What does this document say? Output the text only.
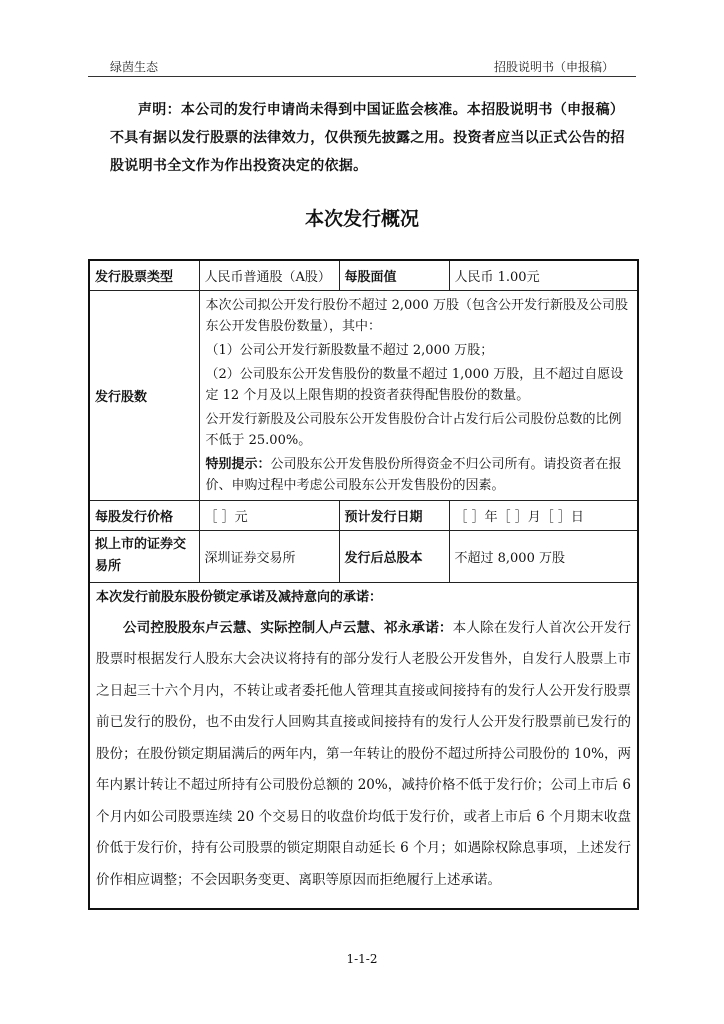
绿茵生态	招股说明书（申报稿）

声明：本公司的发行申请尚未得到中国证监会核准。本招股说明书（申报稿）不具有据以发行股票的法律效力，仅供预先披露之用。投资者应当以正式公告的招股说明书全文作为作出投资决定的依据。

本次发行概况
发行股票类型	人民币普通股（A股）	每股面值	人民币 1.00元
发行股数	本次公司拟公开发行股份不超过 2,000 万股（包含公开发行新股及公司股东公开发售股份数量），其中：

（1）公司公开发行新股数量不超过 2,000 万股；

（2）公司股东公开发售股份的数量不超过 1,000 万股，且不超过自愿设定 12 个月及以上限售期的投资者获得配售股份的数量。

公开发行新股及公司股东公开发售股份合计占发行后公司股份总数的比例不低于 25.00%。

特别提示：公司股东公开发售股份所得资金不归公司所有。请投资者在报价、申购过程中考虑公司股东公开发售股份的因素。		

每股发行价格	［ ］元	预计发行日期	［ ］年［ ］月［ ］日
拟上市的证券交易所	深圳证券交易所	发行后总股本	不超过 8,000 万股

本次发行前股东股份锁定承诺及减持意向的承诺：

公司控股股东卢云慧、实际控制人卢云慧、祁永承诺：本人除在发行人首次公开发行股票时根据发行人股东大会决议将持有的部分发行人老股公开发售外，自发行人股票上市之日起三十六个月内，不转让或者委托他人管理其直接或间接持有的发行人公开发行股票前已发行的股份，也不由发行人回购其直接或间接持有的发行人公开发行股票前已发行的股份；在股份锁定期届满后的两年内，第一年转让的股份不超过所持公司股份的 10%，两年内累计转让不超过所持有公司股份总额的 20%，减持价格不低于发行价；公司上市后 6 个月内如公司股票连续 20 个交易日的收盘价均低于发行价，或者上市后 6 个月期末收盘价低于发行价，持有公司股票的锁定期限自动延长 6 个月；如遇除权除息事项，上述发行价作相应调整；不会因职务变更、离职等原因而拒绝履行上述承诺。			

1-1-2
